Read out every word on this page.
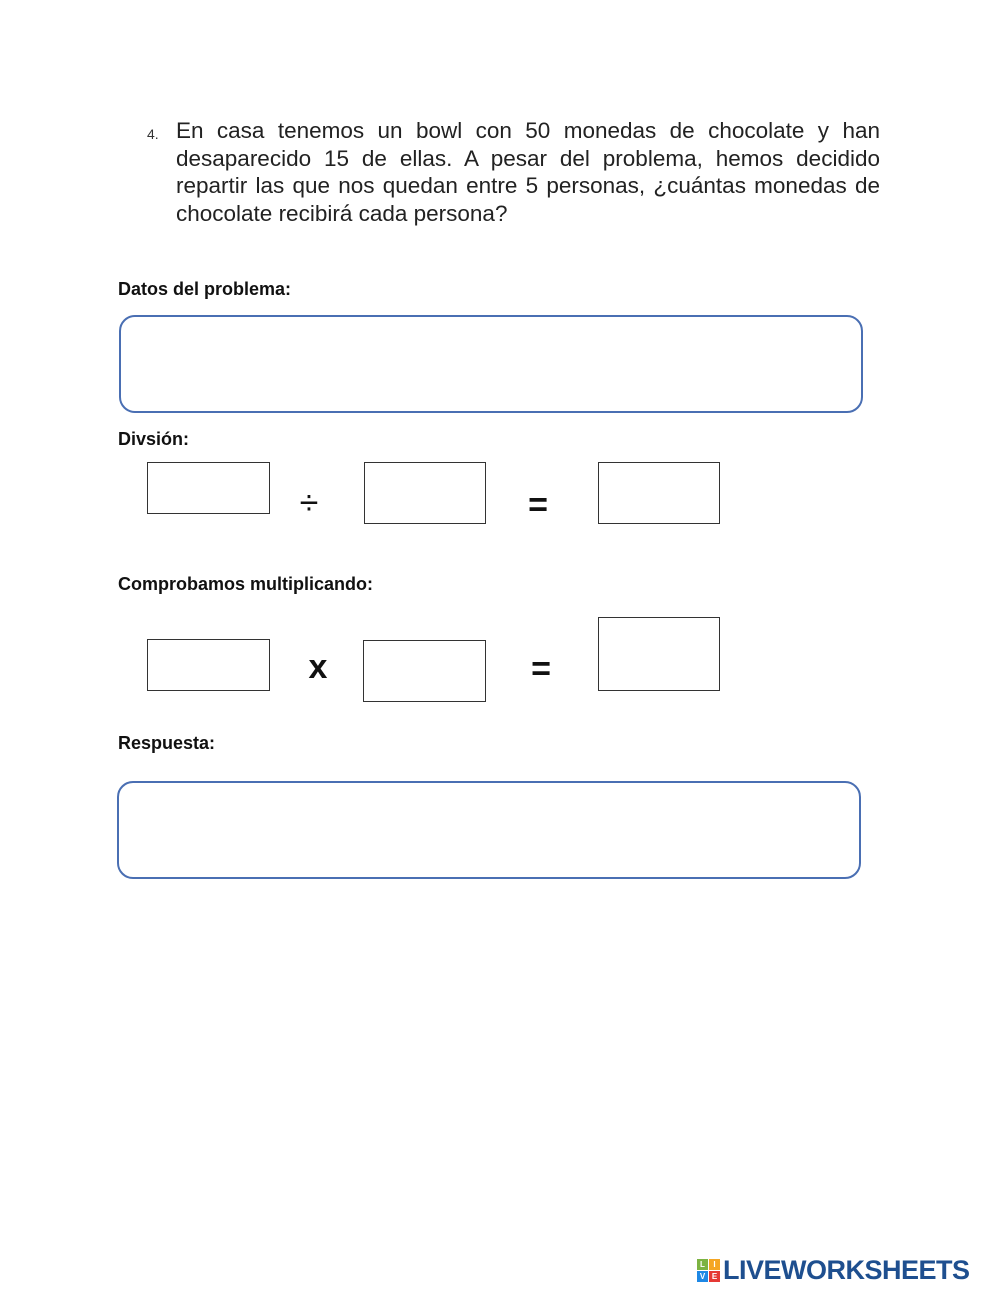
4. En casa tenemos un bowl con 50 monedas de chocolate y han desaparecido 15 de ellas. A pesar del problema, hemos decidido repartir las que nos quedan entre 5 personas, ¿cuántas monedas de chocolate recibirá cada persona?
Datos del problema:
Divsión:
÷	=
Comprobamos multiplicando:
x	=
Respuesta:
L	I
V E LIVEWORKSHEETS
